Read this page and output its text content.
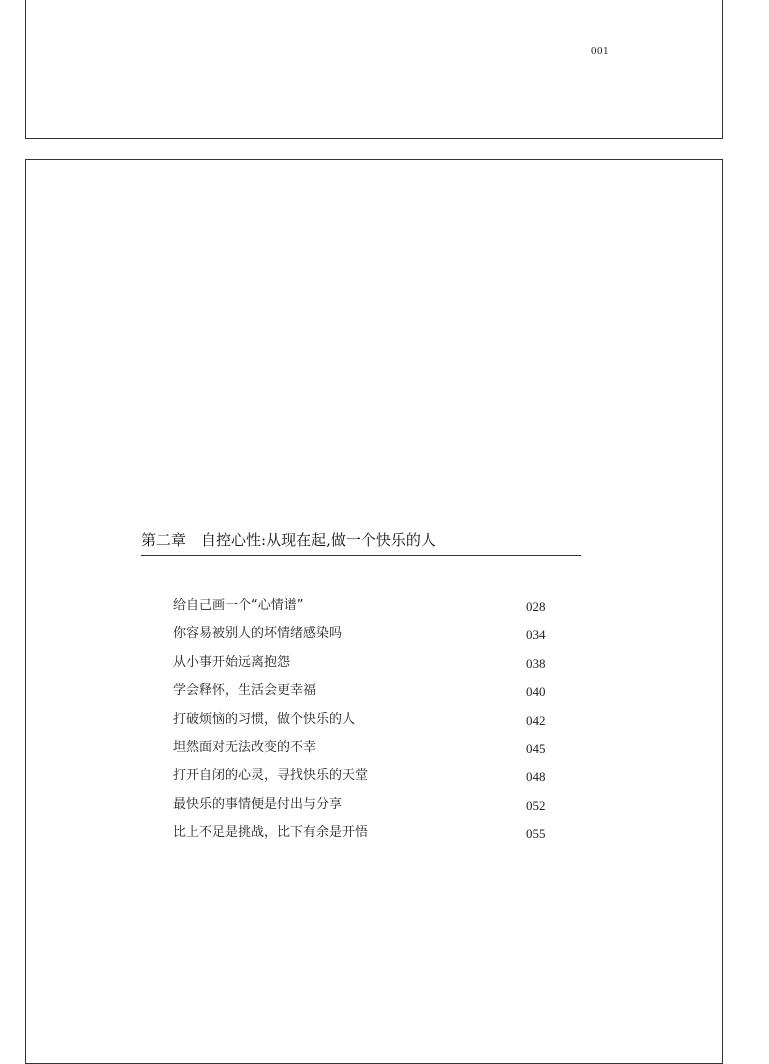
001
第二章 自控心性:从现在起,做一个快乐的人
给自己画一个“心情谱”	028
你容易被别人的坏情绪感染吗	034
从小事开始远离抱怨	038
学会释怀，生活会更幸福	040
打破烦恼的习惯，做个快乐的人	042
坦然面对无法改变的不幸	045
打开自闭的心灵，寻找快乐的天堂	048
最快乐的事情便是付出与分享	052
比上不足是挑战，比下有余是开悟	055
